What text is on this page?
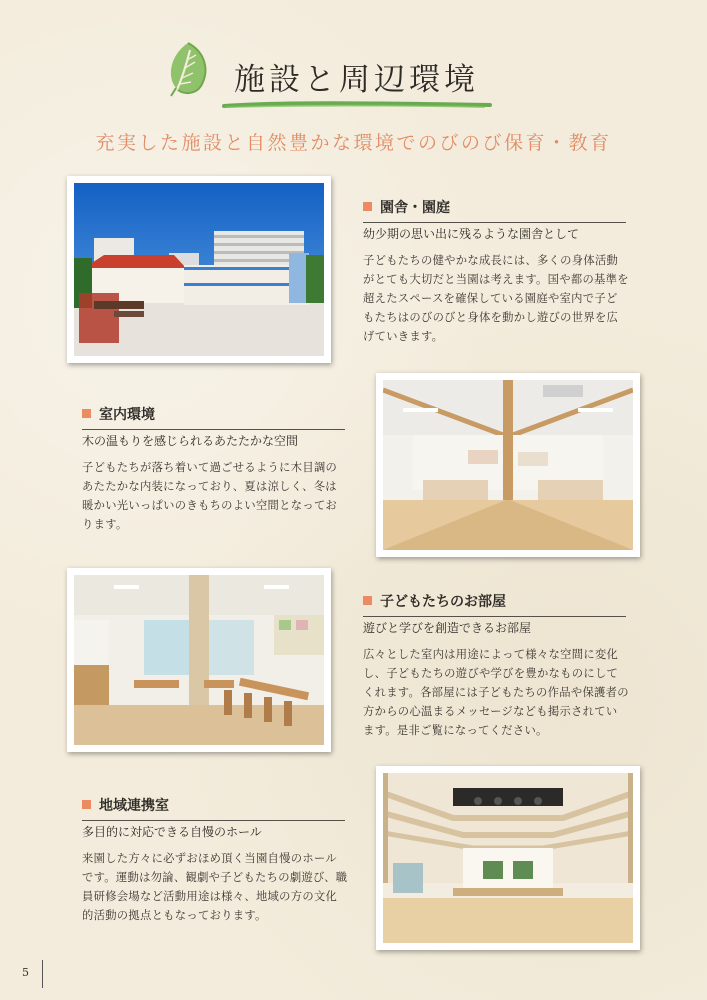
施設と周辺環境
充実した施設と自然豊かな環境でのびのび保育・教育
園舎・園庭
幼少期の思い出に残るような園舎として
子どもたちの健やかな成長には、多くの身体活動がとても大切だと当園は考えます。国や都の基準を超えたスペースを確保している園庭や室内で子どもたちはのびのびと身体を動かし遊びの世界を広げていきます。
室内環境
木の温もりを感じられるあたたかな空間
子どもたちが落ち着いて過ごせるように木目調のあたたかな内装になっており、夏は涼しく、冬は暖かい光いっぱいのきもちのよい空間となっております。
子どもたちのお部屋
遊びと学びを創造できるお部屋
広々とした室内は用途によって様々な空間に変化し、子どもたちの遊びや学びを豊かなものにしてくれます。各部屋には子どもたちの作品や保護者の方からの心温まるメッセージなども掲示されています。是非ご覧になってください。
地域連携室
多目的に対応できる自慢のホール
来園した方々に必ずおほめ頂く当園自慢のホールです。運動は勿論、観劇や子どもたちの劇遊び、職員研修会場など活動用途は様々、地域の方の文化的活動の拠点ともなっております。
5
